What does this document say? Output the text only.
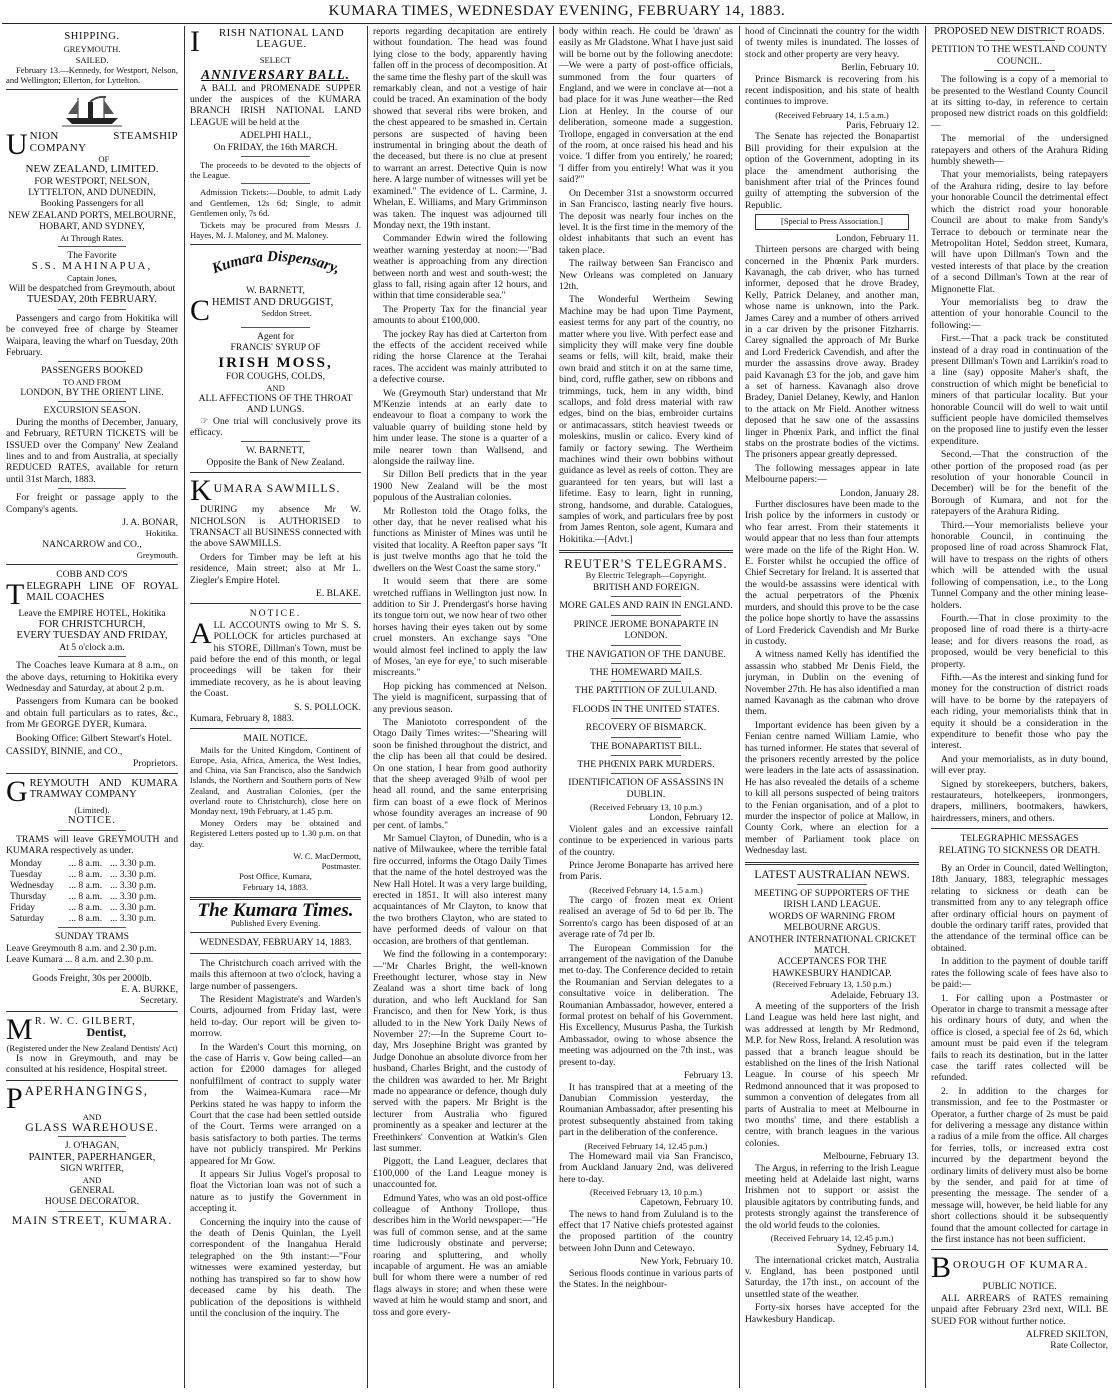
KUMARA TIMES, WEDNESDAY EVENING, FEBRUARY 14, 1883.
SHIPPING.
GREYMOUTH.
SAILED.

February 13.—Kennedy, for Westport, Nelson, and Wellington; Ellerton, for Lyttelton.

U NION STEAMSHIP COMPANY
OF
NEW ZEALAND, LIMITED.
FOR WESTPORT, NELSON, LYTTELTON, AND DUNEDIN,
Booking Passengers for all
NEW ZEALAND PORTS, MELBOURNE, HOBART, AND SYDNEY,
At Through Rates.
The Favorite
S.S. MAHINAPUA,
Captain Jones,
Will be despatched from Greymouth, about
TUESDAY, 20th FEBRUARY.

Passengers and cargo from Hokitika will be conveyed free of charge by Steamer Waipara, leaving the wharf on Tuesday, 20th February.

PASSENGERS BOOKED
TO AND FROM
LONDON, BY THE ORIENT LINE.
EXCURSION SEASON.

During the months of December, January, and February, RETURN TICKETS will be ISSUED over the Company' New Zealand lines and to and from Australia, at specially REDUCED RATES, available for return until 31st March, 1883.

For freight or passage apply to the Company's agents.

J. A. BONAR,
Hokitika.
NANCARROW and CO.,
Greymouth.
COBB AND CO'S
T ELEGRAPH LINE OF ROYAL MAIL COACHES
Leave the EMPIRE HOTEL, Hokitika
FOR CHRISTCHURCH,
EVERY TUESDAY AND FRIDAY,
At 5 o'clock a.m.

The Coaches leave Kumara at 8 a.m., on the above days, returning to Hokitika every Wednesday and Saturday, at about 2 p.m.

Passengers from Kumara can be booked and obtain full particulars as to rates, &c., from Mr GEORGE DYER, Kumara.

Booking Office: Gilbert Stewart's Hotel.

CASSIDY, BINNIE, and CO.,
Proprietors.
G REYMOUTH AND KUMARA TRAMWAY COMPANY
(Limited).
NOTICE.

TRAMS will leave GREYMOUTH and KUMARA respectively as under.

Monday	...	8 a.m.	...	3.30 p.m.
Tuesday	...	8 a.m.	...	3.30 p.m.
Wednesday	...	8 a.m.	...	3.30 p.m.
Thursday	...	8 a.m.	...	3.30 p.m.
Friday	...	8 a.m.	...	3.30 p.m.
Saturday	...	8 a.m.	...	3.30 p.m.
SUNDAY TRAMS
Leave Greymouth 8 a.m. and 2.30 p.m.
Leave Kumara ... 8 a.m. and 2.30 p.m.
Goods Freight, 30s per 2000lb.
E. A. BURKE,
Secretary.
M R. W. C. GILBERT,
Dentist,
(Registered under the New Zealand Dentists' Act)

Is now in Greymouth, and may be consulted at his residence, Hospital street.

P APERHANGINGS,
AND
GLASS WAREHOUSE.
J. O'HAGAN,
PAINTER, PAPERHANGER,
SIGN WRITER,
AND
GENERAL
HOUSE DECORATOR.
MAIN STREET, KUMARA.
I	RISH NATIONAL LAND LEAGUE.
SELECT
ANNIVERSARY BALL.

A BALL and PROMENADE SUPPER under the auspices of the KUMARA BRANCH IRISH NATIONAL LAND LEAGUE will be held at the

ADELPHI HALL,
On FRIDAY, the 16th MARCH.

The proceeds to be devoted to the objects of the League.

Admission Tickets:—Double, to admit Lady and Gentlemen, 12s 6d; Single, to admit Gentlemen only, 7s 6d.

Tickets may be procured from Messrs J. Hayes, M. J. Maloney, and M. Maloney.

Kumara Dispensary,
W. BARNETT,
C HEMIST AND DRUGGIST,
Seddon Street.
Agent for
FRANCIS' SYRUP OF
IRISH MOSS,
FOR COUGHS, COLDS,
AND
ALL AFFECTIONS OF THE THROAT AND LUNGS.

☞ One trial will conclusively prove its efficacy.

W. BARNETT,
Opposite the Bank of New Zealand.
K UMARA SAWMILLS.

DURING my absence Mr W. NICHOLSON is AUTHORISED to TRANSACT all BUSINESS connected with the above SAWMILLS.

Orders for Timber may be left at his residence, Main street; also at Mr L. Ziegler's Empire Hotel.

E. BLAKE.
NOTICE.
A LL ACCOUNTS owing to Mr S. S. POLLOCK for articles purchased at his STORE, Dillman's Town, must be paid before the end of this month, or legal proceedings will be taken for their immediate recovery, as he is about leaving the Coast.

S. S. POLLOCK.
Kumara, February 8, 1883.
MAIL NOTICE.

Mails for the United Kingdom, Continent of Europe, Asia, Africa, America, the West Indies, and China, via San Francisco, also the Sandwich Islands, the Northern and Southern ports of New Zealand, and Australian Colonies, (per the overland route to Christchurch), close here on Monday next, 19th February, at 1.45 p.m.

Money Orders may be obtained and Registered Letters posted up to 1.30 p.m. on that day.

W. C. MacDermott,
Postmaster.
Post Office, Kumara,
February 14, 1883.
The Kumara Times.
Published Every Evening.
WEDNESDAY, FEBRUARY 14, 1883.

The Christchurch coach arrived with the mails this afternoon at two o'clock, having a large number of passengers.

The Resident Magistrate's and Warden's Courts, adjourned from Friday last, were held to-day. Our report will be given to-morrow.

In the Warden's Court this morning, on the case of Harris v. Gow being called—an action for £2000 damages for alleged nonfulfilment of contract to supply water from the Waimea-Kumara race—Mr Perkins stated he was happy to inform the Court that the case had been settled outside of the Court. Terms were arranged on a basis satisfactory to both parties. The terms have not publicly transpired. Mr Perkins appeared for Mr Gow.

It appears Sir Julius Vogel's proposal to float the Victorian loan was not of such a nature as to justify the Government in accepting it.

Concerning the inquiry into the cause of the death of Denis Quinlan, the Lyell correspondent of the Inangahua Herald telegraphed on the 9th instant:—"Four witnesses were examined yesterday, but nothing has transpired so far to show how deceased came by his death. The publication of the depositions is withheld until the conclusion of the inquiry. The

reports regarding decapitation are entirely without foundation. The head was found lying close to the body, apparently having fallen off in the process of decomposition. At the same time the fleshy part of the skull was remarkably clean, and not a vestige of hair could be traced. An examination of the body showed that several ribs were broken, and the chest appeared to be smashed in. Certain persons are suspected of having been instrumental in bringing about the death of the deceased, but there is no clue at present to warrant an arrest. Detective Quin is now here. A large number of witnesses will yet be examined." The evidence of L. Carmine, J. Whelan, E. Williams, and Mary Grimminson was taken. The inquest was adjourned till Monday next, the 19th instant.

Commander Edwin wired the following weather warning yesterday at noon:—"Bad weather is approaching from any direction between north and west and south-west; the glass to fall, rising again after 12 hours, and within that time considerable sea."

The Property Tax for the financial year amounts to about £100,000.

The jockey Ray has died at Carterton from the effects of the accident received while riding the horse Clarence at the Terahai races. The accident was mainly attributed to a defective course.

We (Greymouth Star) understand that Mr M'Kenzie intends at an early date to endeavour to float a company to work the valuable quarry of building stone held by him under lease. The stone is a quarter of a mile nearer town than Wallsend, and alongside the railway line.

Sir Dillon Bell predicts that in the year 1900 New Zealand will be the most populous of the Australian colonies.

Mr Rolleston told the Otago folks, the other day, that he never realised what his functions as Minister of Mines was until he visited that locality. A Reefton paper says "It is just twelve months ago that he told the dwellers on the West Coast the same story."

It would seem that there are some wretched ruffians in Wellington just now. In addition to Sir J. Prendergast's horse having its tongue torn out, we now hear of two other horses having their eyes taken out by some cruel monsters. An exchange says "One would almost feel inclined to apply the law of Moses, 'an eye for eye,' to such miserable miscreants."

Hop picking has commenced at Nelson. The yield is magnificent, surpassing that of any previous season.

The Maniototo correspondent of the Otago Daily Times writes:—"Shearing will soon be finished throughout the district, and the clip has been all that could be desired. On one station, I hear from good authority that the sheep averaged 9¾lb of wool per head all round, and the same enterprising firm can boast of a ewe flock of Merinos whose foundity averages an increase of 90 per cent. of lambs."

Mr Samuel Clayton, of Dunedin, who is a native of Milwaukee, where the terrible fatal fire occurred, informs the Otago Daily Times that the name of the hotel destroyed was the New Hall Hotel. It was a very large building, erected in 1851. It will also interest many acquaintances of Mr Clayton, to know that the two brothers Clayton, who are stated to have performed deeds of valour on that occasion, are brothers of that gentleman.

We find the following in a contemporary:—"Mr Charles Bright, the well-known Freethought lecturer, whose stay in New Zealand was a short time back of long duration, and who left Auckland for San Francisco, and then for New York, is thus alluded to in the New York Daily News of November 27:—In the Supreme Court to-day, Mrs Josephine Bright was granted by Judge Donohue an absolute divorce from her husband, Charles Bright, and the custody of the children was awarded to her. Mr Bright made no appearance or defence, though duly served with the papers. Mr Bright is the lecturer from Australia who figured prominently as a speaker and lecturer at the Freethinkers' Convention at Watkin's Glen last summer.

Piggott, the Land Leaguer, declares that £100,000 of the Land League money is unaccounted for.

Edmund Yates, who was an old post-office colleague of Anthony Trollope, thus describes him in the World newspaper:—"He was full of common sense, and at the same time ludicrously obstinate and perverse; roaring and spluttering, and wholly incapable of argument. He was an amiable bull for whom there were a number of red flags always in store; and when these were waved at him he would stamp and snort, and toss and gore every-

body within reach. He could be 'drawn' as easily as Mr Gladstone. What I have just said will be borne out by the following anecdote:—We were a party of post-office officials, summoned from the four quarters of England, and we were in conclave at—not a bad place for it was June weather—the Red Lion at Henley. In the course of our deliberation, someone made a suggestion. Trollope, engaged in conversation at the end of the room, at once raised his head and his voice. 'I differ from you entirely,' he roared; 'I differ from you entirely! What was it you said?'"

On December 31st a snowstorm occurred in San Francisco, lasting nearly five hours. The deposit was nearly four inches on the level. It is the first time in the memory of the oldest inhabitants that such an event has taken place.

The railway between San Francisco and New Orleans was completed on January 12th.

The Wonderful Wertheim Sewing Machine may be had upon Time Payment, easiest terms for any part of the country, no matter where you live. With perfect ease and simplicity they will make very fine double seams or fells, will kilt, braid, make their own braid and stitch it on at the same time, bind, cord, ruffle gather, sew on ribbons and trimmings, tuck, hem in any width, bind scallops, and fold dress material with raw edges, bind on the bias, embroider curtains or antimacassars, stitch heaviest tweeds or moleskins, muslin or calico. Every kind of family or factory sewing. The Wertheim machines wind their own bobbins without guidance as level as reels of cotton. They are guaranteed for ten years, but will last a lifetime. Easy to learn, light in running, strong, handsome, and durable. Catalogues, samples of work, and particulars free by post from James Renton, sole agent, Kumara and Hokitika.—[Advt.]

REUTER'S TELEGRAMS.
By Electric Telegraph—Copyright.
BRITISH AND FOREIGN.
MORE GALES AND RAIN IN ENGLAND.
PRINCE JEROME BONAPARTE IN LONDON.
THE NAVIGATION OF THE DANUBE.
THE HOMEWARD MAILS.
THE PARTITION OF ZULULAND.
FLOODS IN THE UNITED STATES.
RECOVERY OF BISMARCK.
THE BONAPARTIST BILL.
THE PHŒNIX PARK MURDERS.
IDENTIFICATION OF ASSASSINS IN DUBLIN.
(Received February 13, 10 p.m.)
London, February 12.

Violent gales and an excessive rainfall continue to be experienced in various parts of the country.

Prince Jerome Bonaparte has arrived here from Paris.

(Received February 14, 1.5 a.m.)

The cargo of frozen meat ex Orient realised an average of 5d to 6d per lb. The Sorrento's cargo has been disposed of at an average rate of 7d per lb.

The European Commission for the arrangement of the navigation of the Danube met to-day. The Conference decided to retain the Roumanian and Servian delegates to a consultative voice in deliberation. The Roumanian Ambassador, however, entered a formal protest on behalf of his Government. His Excellency, Musurus Pasha, the Turkish Ambassador, owing to whose absence the meeting was adjourned on the 7th inst., was present to-day.

February 13.

It has transpired that at a meeting of the Danubian Commission yesterday, the Roumanian Ambassador, after presenting his protest subsequently abstained from taking part in the deliberation of the conference.

(Received February 14, 12.45 p.m.)

The Homeward mail via San Francisco, from Auckland January 2nd, was delivered here to-day.

(Received February 13, 10 p.m.)
Capetown, February 10.

The news to hand from Zululand is to the effect that 17 Native chiefs protested against the proposed partition of the country between John Dunn and Cetewayo.

New York, February 10.

Serious floods continue in various parts of the States. In the neighbour-

hood of Cincinnati the country for the width of twenty miles is inundated. The losses of stock and other property are very heavy.

Berlin, February 10.

Prince Bismarck is recovering from his recent indisposition, and his state of health continues to improve.

(Received February 14, 1.5 a.m.)
Paris, February 12.

The Senate has rejected the Bonapartist Bill providing for their expulsion at the option of the Government, adopting in its place the amendment authorising the banishment after trial of the Princes found guilty of attempting the subversion of the Republic.

[Special to Press Association.]
London, February 11.

Thirteen persons are charged with being concerned in the Phœnix Park murders. Kavanagh, the cab driver, who has turned informer, deposed that he drove Bradey, Kelly, Patrick Delaney, and another man, whose name is unknown, into the Park. James Carey and a number of others arrived in a car driven by the prisoner Fitzharris. Carey signalled the approach of Mr Burke and Lord Frederick Cavendish, and after the murder the assassins drove away. Bradey paid Kavanagh £3 for the job, and gave him a set of harness. Kavanagh also drove Bradey, Daniel Delaney, Kewly, and Hanlon to the attack on Mr Field. Another witness deposed that he saw one of the assassins linger in Phœnix Park, and inflict the final stabs on the prostrate bodies of the victims. The prisoners appear greatly depressed.

The following messages appear in late Melbourne papers:—

London, January 28.

Further disclosures have been made to the Irish police by the informers in custody or who fear arrest. From their statements it would appear that no less than four attempts were made on the life of the Right Hon. W. E. Forster whilst he occupied the office of Chief Secretary for Ireland. It is asserted that the would-be assassins were identical with the actual perpetrators of the Phœnix murders, and should this prove to be the case the police hope shortly to have the assassins of Lord Frederick Cavendish and Mr Burke in custody.

A witness named Kelly has identified the assassin who stabbed Mr Denis Field, the juryman, in Dublin on the evening of November 27th. He has also identified a man named Kavanagh as the cabman who drove them.

Important evidence has been given by a Fenian centre named William Lamie, who has turned informer. He states that several of the prisoners recently arrested by the police were leaders in the late acts of assassination. He has also revealed the details of a scheme to kill all persons suspected of being traitors to the Fenian organisation, and of a plot to murder the inspector of police at Mallow, in County Cork, where an election for a member of Parliament took place on Wednesday last.

LATEST AUSTRALIAN NEWS.
MEETING OF SUPPORTERS OF THE IRISH LAND LEAGUE.
WORDS OF WARNING FROM MELBOURNE ARGUS.
ANOTHER INTERNATIONAL CRICKET MATCH.
ACCEPTANCES FOR THE HAWKESBURY HANDICAP.
(Received February 13, 1.50 p.m.)
Adelaide, February 13.

A meeting of the supporters of the Irish Land League was held here last night, and was addressed at length by Mr Redmond, M.P. for New Ross, Ireland. A resolution was passed that a branch league should be established on the lines of the Irish National League. In course of his speech Mr Redmond announced that it was proposed to summon a convention of delegates from all parts of Australia to meet at Melbourne in two months' time, and there establish a centre, with branch leagues in the various colonies.

Melbourne, February 13.

The Argus, in referring to the Irish League meeting held at Adelaide last night, warns Irishmen not to support or assist the plausible agitators by contributing funds, and protests strongly against the transference of the old world feuds to the colonies.

(Received February 14, 12.45 p.m.)
Sydney, February 14.

The international cricket match, Australia v. England, has been postponed until Saturday, the 17th inst., on account of the unsettled state of the weather.

Forty-six horses have accepted for the Hawkesbury Handicap.

PROPOSED NEW DISTRICT ROADS.
PETITION TO THE WESTLAND COUNTY COUNCIL.

The following is a copy of a memorial to be presented to the Westland County Council at its sitting to-day, in reference to certain proposed new district roads on this goldfield:—

The memorial of the undersigned ratepayers and others of the Arahura Riding humbly sheweth—

That your memorialists, being ratepayers of the Arahura riding, desire to lay before your honorable Council the detrimental effect which the district road your honorable Council are about to make from Sandy's Terrace to debouch or terminate near the Metropolitan Hotel, Seddon street, Kumara, will have upon Dillman's Town and the vested interests of that place by the creation of a second Dillman's Town at the rear of Mignonette Flat.

Your memorialists beg to draw the attention of your honorable Council to the following:—

First.—That a pack track be constituted instead of a dray road in continuation of the present Dillman's Town and Larrikin's road to a line (say) opposite Maher's shaft, the construction of which might be beneficial to miners of that particular locality. But your honorable Council will do well to wait until sufficient people have domiciled themselves on the proposed line to justify even the lesser expenditure.

Second.—That the construction of the other portion of the proposed road (as per resolution of your honorable Council in December) will be for the benefit of the Borough of Kumara, and not for the ratepayers of the Arahura Riding.

Third.—Your memorialists believe your honorable Council, in continuing the proposed line of road across Shamrock Flat, will have to trespass on the rights of others which will be attended with the usual following of compensation, i.e., to the Long Tunnel Company and the other mining lease-holders.

Fourth.—That in close proximity to the proposed line of road there is a thirty-acre lease; and for divers reasons the road, as proposed, would be very beneficial to this property.

Fifth.—As the interest and sinking fund for money for the construction of district roads will have to be borne by the ratepayers of each riding, your memorialists think that in equity it should be a consideration in the expenditure to benefit those who pay the interest.

And your memorialists, as in duty bound, will ever pray.

Signed by storekeepers, butchers, bakers, restaurateurs, hotelkeepers, ironmongers, drapers, milliners, bootmakers, hawkers, hairdressers, miners, and others.

TELEGRAPHIC MESSAGES
RELATING TO SICKNESS OR DEATH.

By an Order in Council, dated Wellington, 18th January, 1883, telegraphic messages relating to sickness or death can be transmitted from any to any telegraph office after ordinary official hours on payment of double the ordinary tariff rates, provided that the attendance of the terminal office can be obtained.

In addition to the payment of double tariff rates the following scale of fees have also to be paid:—

1. For calling upon a Postmaster or Operator in charge to transmit a message after his ordinary hours of duty, and when the office is closed, a special fee of 2s 6d, which amount must be paid even if the telegram fails to reach its destination, but in the latter case the tariff rates collected will be refunded.

2. In addition to the charges for transmission, and fee to the Postmaster or Operator, a further charge of 2s must be paid for delivering a message any distance within a radius of a mile from the office. All charges for ferries, tolls, or increased extra cost incurred by the department beyond the ordinary limits of delivery must also be borne by the sender, and paid for at time of presenting the message. The sender of a message will, however, be held liable for any short collections should it be subsequently found that the amount collected for cartage in the first instance has not been sufficient.

B OROUGH OF KUMARA.
PUBLIC NOTICE.

ALL ARREARS of RATES remaining unpaid after February 23rd next, WILL BE SUED FOR without further notice.

ALFRED SKILTON,
Rate Collector,
